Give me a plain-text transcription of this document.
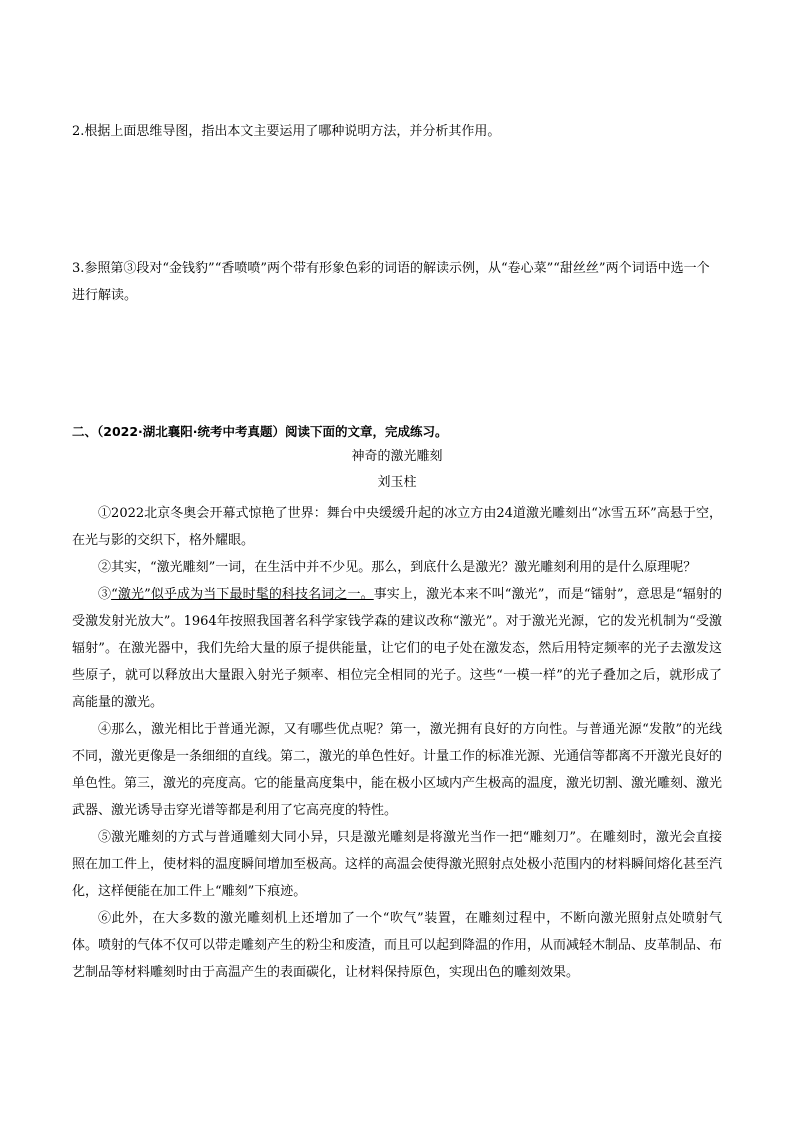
2.根据上面思维导图，指出本文主要运用了哪种说明方法，并分析其作用。

3.参照第③段对“金钱豹”“香喷喷”两个带有形象色彩的词语的解读示例，从“卷心菜”“甜丝丝”两个词语中选一个进行解读。

二、（2022·湖北襄阳·统考中考真题）阅读下面的文章，完成练习。

神奇的激光雕刻

刘玉柱

①2022北京冬奥会开幕式惊艳了世界：舞台中央缓缓升起的冰立方由24道激光雕刻出“冰雪五环”高悬于空，在光与影的交织下，格外耀眼。

②其实，“激光雕刻”一词，在生活中并不少见。那么，到底什么是激光？激光雕刻利用的是什么原理呢？

③“激光”似乎成为当下最时髦的科技名词之一。事实上，激光本来不叫“激光”，而是“镭射”，意思是“辐射的受激发射光放大”。1964年按照我国著名科学家钱学森的建议改称“激光”。对于激光光源，它的发光机制为“受激辐射”。在激光器中，我们先给大量的原子提供能量，让它们的电子处在激发态，然后用特定频率的光子去激发这些原子，就可以释放出大量跟入射光子频率、相位完全相同的光子。这些“一模一样”的光子叠加之后，就形成了高能量的激光。

④那么，激光相比于普通光源，又有哪些优点呢？第一，激光拥有良好的方向性。与普通光源“发散”的光线不同，激光更像是一条细细的直线。第二，激光的单色性好。计量工作的标准光源、光通信等都离不开激光良好的单色性。第三，激光的亮度高。它的能量高度集中，能在极小区域内产生极高的温度，激光切割、激光雕刻、激光武器、激光诱导击穿光谱等都是利用了它高亮度的特性。

⑤激光雕刻的方式与普通雕刻大同小异，只是激光雕刻是将激光当作一把“雕刻刀”。在雕刻时，激光会直接照在加工件上，使材料的温度瞬间增加至极高。这样的高温会使得激光照射点处极小范围内的材料瞬间熔化甚至汽化，这样便能在加工件上“雕刻”下痕迹。

⑥此外，在大多数的激光雕刻机上还增加了一个“吹气”装置，在雕刻过程中，不断向激光照射点处喷射气体。喷射的气体不仅可以带走雕刻产生的粉尘和废渣，而且可以起到降温的作用，从而减轻木制品、皮革制品、布艺制品等材料雕刻时由于高温产生的表面碳化，让材料保持原色，实现出色的雕刻效果。
